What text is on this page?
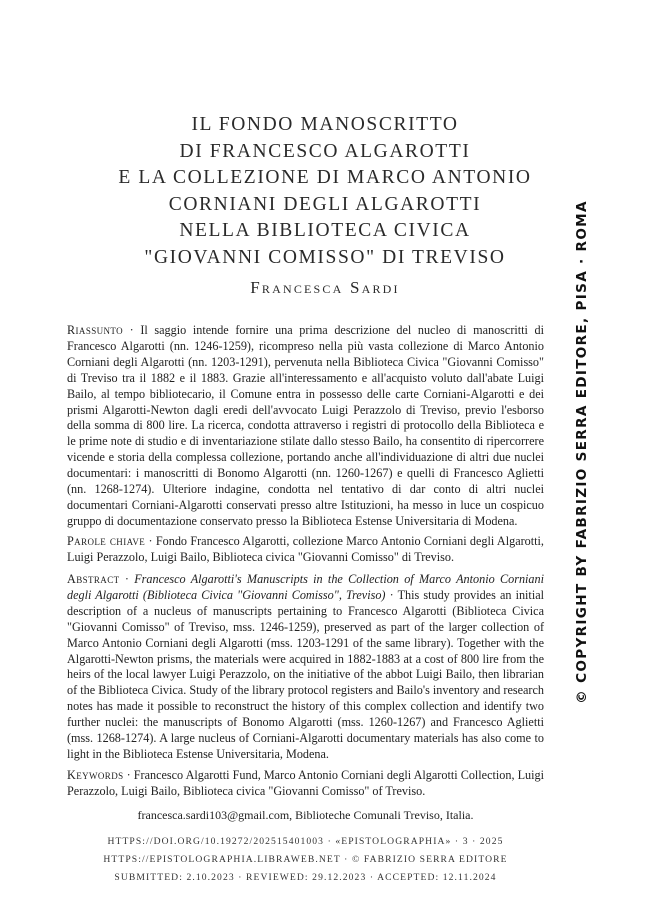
IL FONDO MANOSCRITTO
DI FRANCESCO ALGAROTTI
E LA COLLEZIONE DI MARCO ANTONIO
CORNIANI DEGLI ALGAROTTI
NELLA BIBLIOTECA CIVICA
"GIOVANNI COMISSO" DI TREVISO
Francesca Sardi
Riassunto · Il saggio intende fornire una prima descrizione del nucleo di manoscritti di Francesco Algarotti (nn. 1246-1259), ricompreso nella più vasta collezione di Marco Antonio Corniani degli Algarotti (nn. 1203-1291), pervenuta nella Biblioteca Civica "Giovanni Comisso" di Treviso tra il 1882 e il 1883. Grazie all'interessamento e all'acquisto voluto dall'abate Luigi Bailo, al tempo bibliotecario, il Comune entra in possesso delle carte Corniani-Algarotti e dei prismi Algarotti-Newton dagli eredi dell'avvocato Luigi Perazzolo di Treviso, previo l'esborso della somma di 800 lire. La ricerca, condotta attraverso i registri di protocollo della Biblioteca e le prime note di studio e di inventariazione stilate dallo stesso Bailo, ha consentito di ripercorrere vicende e storia della complessa collezione, portando anche all'individuazione di altri due nuclei documentari: i manoscritti di Bonomo Algarotti (nn. 1260-1267) e quelli di Francesco Aglietti (nn. 1268-1274). Ulteriore indagine, condotta nel tentativo di dar conto di altri nuclei documentari Corniani-Algarotti conservati presso altre Istituzioni, ha messo in luce un cospicuo gruppo di documentazione conservato presso la Biblioteca Estense Universitaria di Modena.
Parole chiave · Fondo Francesco Algarotti, collezione Marco Antonio Corniani degli Algarotti, Luigi Perazzolo, Luigi Bailo, Biblioteca civica "Giovanni Comisso" di Treviso.
Abstract · Francesco Algarotti's Manuscripts in the Collection of Marco Antonio Corniani degli Algarotti (Biblioteca Civica "Giovanni Comisso", Treviso) · This study provides an initial description of a nucleus of manuscripts pertaining to Francesco Algarotti (Biblioteca Civica "Giovanni Comisso" of Treviso, mss. 1246-1259), preserved as part of the larger collection of Marco Antonio Corniani degli Algarotti (mss. 1203-1291 of the same library). Together with the Algarotti-Newton prisms, the materials were acquired in 1882-1883 at a cost of 800 lire from the heirs of the local lawyer Luigi Perazzolo, on the initiative of the abbot Luigi Bailo, then librarian of the Biblioteca Civica. Study of the library protocol registers and Bailo's inventory and research notes has made it possible to reconstruct the history of this complex collection and identify two further nuclei: the manuscripts of Bonomo Algarotti (mss. 1260-1267) and Francesco Aglietti (mss. 1268-1274). A large nucleus of Corniani-Algarotti documentary materials has also come to light in the Biblioteca Estense Universitaria, Modena.
Keywords · Francesco Algarotti Fund, Marco Antonio Corniani degli Algarotti Collection, Luigi Perazzolo, Luigi Bailo, Biblioteca civica "Giovanni Comisso" of Treviso.
francesca.sardi103@gmail.com, Biblioteche Comunali Treviso, Italia.
HTTPS://DOI.ORG/10.19272/202515401003 · «EPISTOLOGRAPHIA» · 3 · 2025
HTTPS://EPISTOLOGRAPHIA.LIBRAWEB.NET · © FABRIZIO SERRA EDITORE
SUBMITTED: 2.10.2023 · REVIEWED: 29.12.2023 · ACCEPTED: 12.11.2024
© COPYRIGHT BY FABRIZIO SERRA EDITORE, PISA · ROMA
